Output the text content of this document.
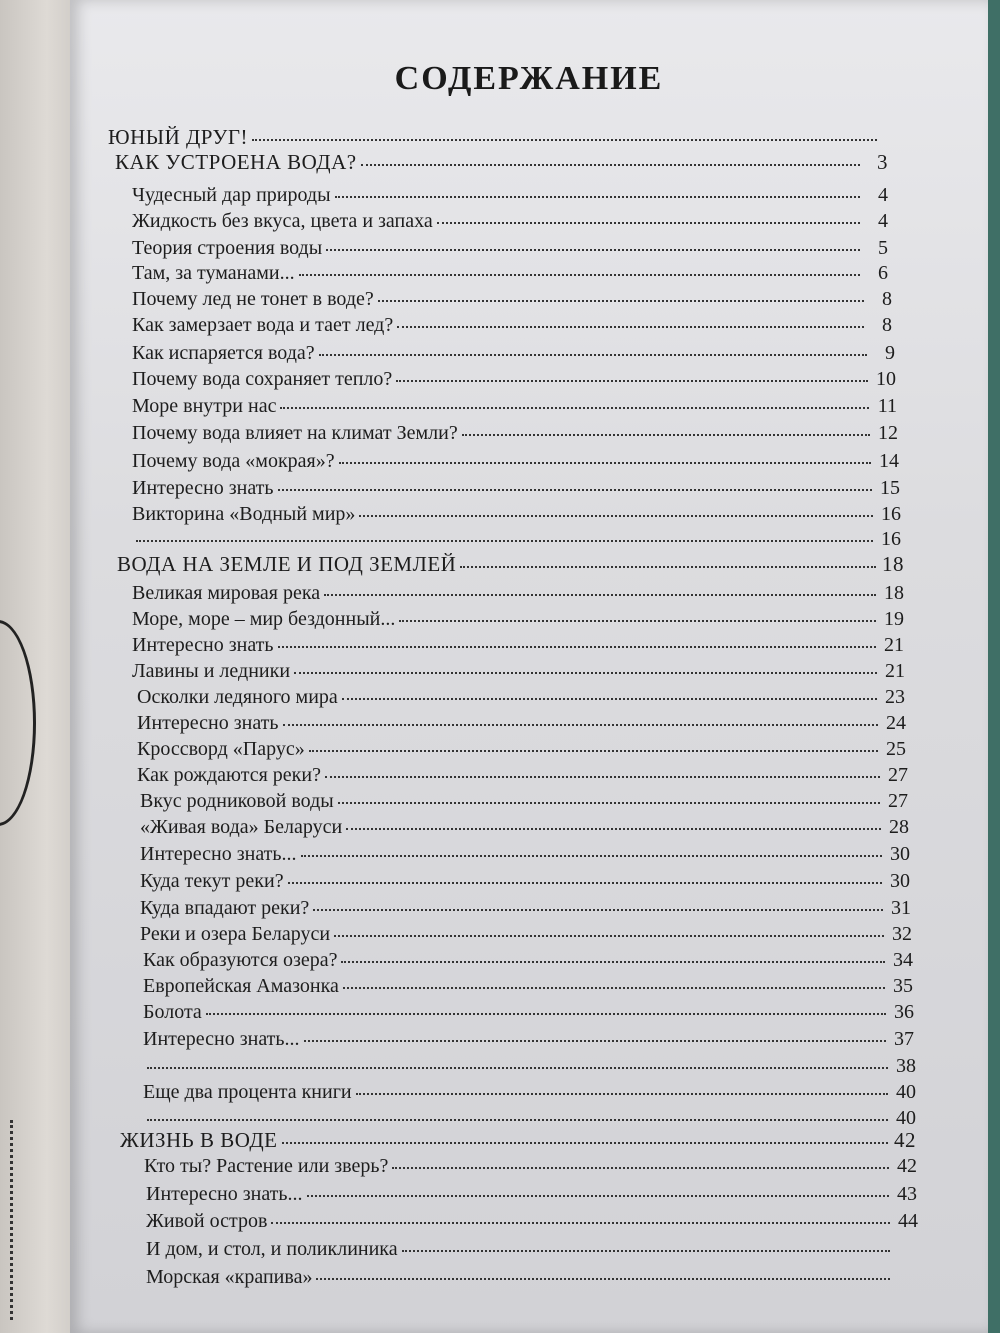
СОДЕРЖАНИЕ
ЮНЫЙ ДРУГ!
КАК УСТРОЕНА ВОДА?	3
Чудесный дар природы	4
Жидкость без вкуса, цвета и запаха	4
Теория строения воды	5
Там, за туманами...	6
Почему лед не тонет в воде?	8
Как замерзает вода и тает лед?	8
Как испаряется вода?	9
Почему вода сохраняет тепло?	10
Море внутри нас	11
Почему вода влияет на климат Земли?	12
Почему вода «мокрая»?	14
Интересно знать	15
Викторина «Водный мир»	16
16
ВОДА НА ЗЕМЛЕ И ПОД ЗЕМЛЕЙ	18
Великая мировая река	18
Море, море – мир бездонный...	19
Интересно знать	21
Лавины и ледники	21
Осколки ледяного мира	23
Интересно знать	24
Кроссворд «Парус»	25
Как рождаются реки?	27
Вкус родниковой воды	27
«Живая вода» Беларуси	28
Интересно знать...	30
Куда текут реки?	30
Куда впадают реки?	31
Реки и озера Беларуси	32
Как образуются озера?	34
Европейская Амазонка	35
Болота	36
Интересно знать...	37
38
Еще два процента книги	40
40
ЖИЗНЬ В ВОДЕ	42
Кто ты? Растение или зверь?	42
Интересно знать...	43
Живой остров	44
И дом, и стол, и поликлиника
Морская «крапива»
